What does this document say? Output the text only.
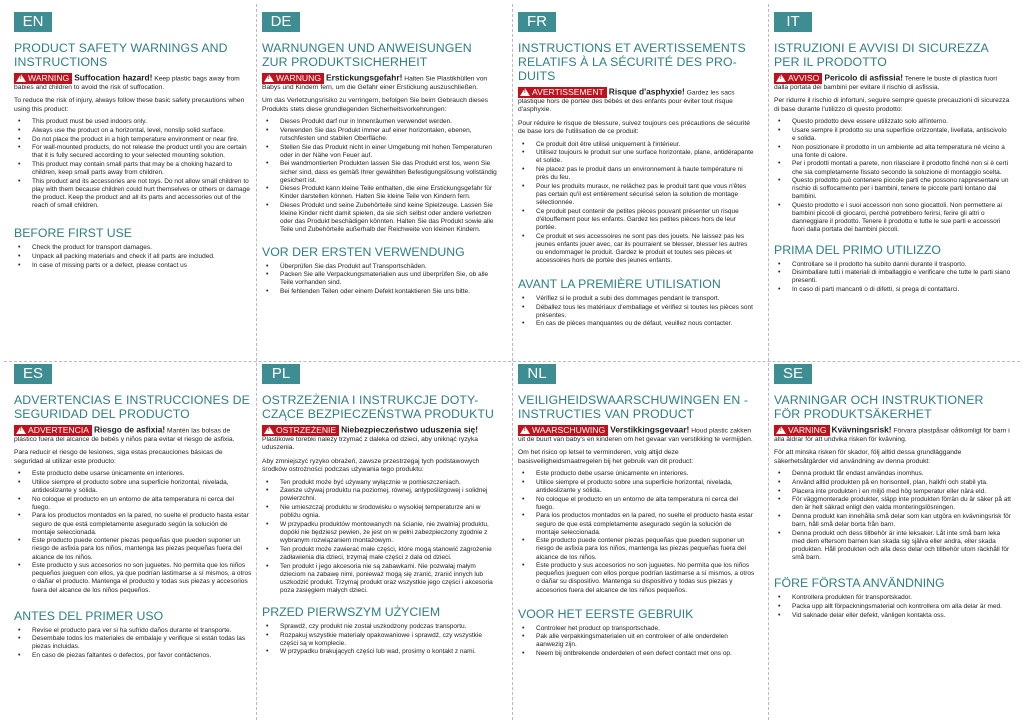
EN
PRODUCT SAFETY WARNINGS AND INSTRUCTIONS
!WARNING Suffocation hazard! Keep plastic bags away from babies and children to avoid the risk of suffocation.
To reduce the risk of injury, always follow these basic safety precautions when using this product:
• This product must be used indoors only.
• Always use the product on a horizontal, level, nonslip solid surface.
• Do not place the product in a high temperature environment or near fire.
• For wall-mounted products, do not release the product until you are certain that it is fully secured according to your selected mounting solution.
• This product may contain small parts that may be a choking hazard to children, keep small parts away from children.
• This product and its accessories are not toys. Do not allow small children to play with them because children could hurt themselves or others or damage the product. Keep the product and all its parts and accessories out of the reach of small children.
BEFORE FIRST USE
• Check the product for transport damages.
• Unpack all packing materials and check if all parts are included.
• In case of missing parts or a defect, please contact us
DE
WARNUNGEN UND ANWEISUNGEN ZUR PRODUKTSICHERHEIT
!WARNUNG Erstickungsgefahr! Halten Sie Plastikhüllen von Babys und Kindern fern, um die Gefahr einer Erstickung auszuschließen.
Um das Verletzungsrisiko zu verringern, befolgen Sie beim Gebrauch dieses Produkts stets diese grundlegenden Sicherheitsvorkehrungen:
• Dieses Produkt darf nur in Innenräumen verwendet werden.
• Verwenden Sie das Produkt immer auf einer horizontalen, ebenen, rutschfesten und stabilen Oberfläche.
• Stellen Sie das Produkt nicht in einer Umgebung mit hohen Temperaturen oder in der Nähe von Feuer auf.
• Bei wandmontierten Produkten lassen Sie das Produkt erst los, wenn Sie sicher sind, dass es gemäß Ihrer gewählten Befestigungslösung vollständig gesichert ist.
• Dieses Produkt kann kleine Teile enthalten, die eine Erstickungsgefahr für Kinder darstellen können. Halten Sie kleine Teile von Kindern fern.
• Dieses Produkt und seine Zubehörteile sind keine Spielzeuge. Lassen Sie kleine Kinder nicht damit spielen, da sie sich selbst oder andere verletzen oder das Produkt beschädigen könnten. Halten Sie das Produkt sowie alle Teile und Zubehörteile außerhalb der Reichweite von kleinen Kindern.
VOR DER ERSTEN VERWENDUNG
• Überprüfen Sie das Produkt auf Transportschäden.
• Packen Sie alle Verpackungsmaterialien aus und überprüfen Sie, ob alle Teile vorhanden sind.
• Bei fehlenden Teilen oder einem Defekt kontaktieren Sie uns bitte.
FR
INSTRUCTIONS ET AVERTISSEMENTS RELATIFS À LA SÉCURITÉ DES PRO-DUITS
!AVERTISSEMENT Risque d'asphyxie! Gardez les sacs plastique hors de portée des bébés et des enfants pour éviter tout risque d'asphyxie.
Pour réduire le risque de blessure, suivez toujours ces précautions de sécurité de base lors de l'utilisation de ce produit:
• Ce produit doit être utilisé uniquement à l'intérieur.
• Utilisez toujours le produit sur une surface horizontale, plane, antidérapante et solide.
• Ne placez pas le produit dans un environnement à haute température ni près du feu.
• Pour les produits muraux, ne relâchez pas le produit tant que vous n'êtes pas certain qu'il est entièrement sécurisé selon la solution de montage sélectionnée.
• Ce produit peut contenir de petites pièces pouvant présenter un risque d'étouffement pour les enfants. Gardez les petites pièces hors de leur portée.
• Ce produit et ses accessoires ne sont pas des jouets. Ne laissez pas les jeunes enfants jouer avec, car ils pourraient se blesser, blesser les autres ou endommager le produit. Gardez le produit et toutes ses pièces et accessoires hors de portée des jeunes enfants.
AVANT LA PREMIÈRE UTILISATION
• Vérifiez si le produit a subi des dommages pendant le transport.
• Déballez tous les matériaux d'emballage et vérifiez si toutes les pièces sont présentes.
• En cas de pièces manquantes ou de défaut, veuillez nous contacter.
IT
ISTRUZIONI E AVVISI DI SICUREZZA PER IL PRODOTTO
!AVVISO Pericolo di asfissia! Tenere le buste di plastica fuori dalla portata dei bambini per evitare il rischio di asfissia.
Per ridurre il rischio di infortuni, seguire sempre queste precauzioni di sicurezza di base durante l'utilizzo di questo prodotto:
• Questo prodotto deve essere utilizzato solo all'interno.
• Usare sempre il prodotto su una superficie orizzontale, livellata, antiscivolo e solida.
• Non posizionare il prodotto in un ambiente ad alta temperatura né vicino a una fonte di calore.
• Per i prodotti montati a parete, non rilasciare il prodotto finché non si è certi che sia completamente fissato secondo la soluzione di montaggio scelta.
• Questo prodotto può contenere piccole parti che possono rappresentare un rischio di soffocamento per i bambini, tenere le piccole parti lontano dai bambini.
• Questo prodotto e i suoi accessori non sono giocattoli. Non permettere ai bambini piccoli di giocarci, perché potrebbero ferirsi, ferire gli altri o danneggiare il prodotto. Tenere il prodotto e tutte le sue parti e accessori fuori dalla portata dei bambini piccoli.
PRIMA DEL PRIMO UTILIZZO
• Controllare se il prodotto ha subito danni durante il trasporto.
• Disimballare tutti i materiali di imballaggio e verificare che tutte le parti siano presenti.
• In caso di parti mancanti o di difetti, si prega di contattarci.
ES
ADVERTENCIAS E INSTRUCCIONES DE SEGURIDAD DEL PRODUCTO
!ADVERTENCIA Riesgo de asfixia! Mantén las bolsas de plástico fuera del alcance de bebés y niños para evitar el riesgo de asfixia.
Para reducir el riesgo de lesiones, siga estas precauciones básicas de seguridad al utilizar este producto:
• Este producto debe usarse únicamente en interiores.
• Utilice siempre el producto sobre una superficie horizontal, nivelada, antideslizante y sólida.
• No coloque el producto en un entorno de alta temperatura ni cerca del fuego.
• Para los productos montados en la pared, no suelte el producto hasta estar seguro de que está completamente asegurado según la solución de montaje seleccionada.
• Este producto puede contener piezas pequeñas que pueden suponer un riesgo de asfixia para los niños, mantenga las piezas pequeñas fuera del alcance de los niños.
• Este producto y sus accesorios no son juguetes. No permita que los niños pequeños jueguen con ellos, ya que podrían lastimarse a sí mismos, a otros o dañar el producto. Mantenga el producto y todas sus piezas y accesorios fuera del alcance de los niños pequeños.
ANTES DEL PRIMER USO
• Revise el producto para ver si ha sufrido daños durante el transporte.
• Desembale todos los materiales de embalaje y verifique si están todas las piezas incluidas.
• En caso de piezas faltantes o defectos, por favor contáctenos.
PL
OSTRZEŻENIA I INSTRUKCJE DOTY-CZĄCE BEZPIECZEŃSTWA PRODUKTU
!OSTRZEŻENIE Niebezpieczeństwo uduszenia się! Plastikowe torebki należy trzymać z daleka od dzieci, aby uniknąć ryzyka uduszenia.
Aby zmniejszyć ryzyko obrażeń, zawsze przestrzegaj tych podstawowych środków ostrożności podczas używania tego produktu:
• Ten produkt może być używany wyłącznie w pomieszczeniach.
• Zawsze używaj produktu na poziomej, równej, antypoślizgowej i solidnej powierzchni.
• Nie umieszczaj produktu w środowisku o wysokiej temperaturze ani w pobliżu ognia.
• W przypadku produktów montowanych na ścianie, nie zwalniaj produktu, dopóki nie będziesz pewien, że jest on w pełni zabezpieczony zgodnie z wybranym rozwiązaniem montażowym.
• Ten produkt może zawierać małe części, które mogą stanowić zagrożenie zadławienia dla dzieci, trzymaj małe części z dala od dzieci.
• Ten produkt i jego akcesoria nie są zabawkami. Nie pozwalaj małym dzieciom na zabawę nimi, ponieważ mogą się zranić, zranić innych lub uszkodzić produkt. Trzymaj produkt oraz wszystkie jego części i akcesoria poza zasięgiem małych dzieci.
PRZED PIERWSZYM UŻYCIEM
• Sprawdź, czy produkt nie został uszkodzony podczas transportu.
• Rozpakuj wszystkie materiały opakowaniowe i sprawdź, czy wszystkie części są w komplecie.
• W przypadku brakujących części lub wad, prosimy o kontakt z nami.
NL
VEILIGHEIDSWAARSCHUWINGEN EN -INSTRUCTIES VAN PRODUCT
!WAARSCHUWING Verstikkingsgevaar! Houd plastic zakken uit de buurt van baby's en kinderen om het gevaar van verstikking te vermijden.
Om het risico op letsel te verminderen, volg altijd deze basisveiligheidsmaatregelen bij het gebruik van dit product:
• Este producto debe usarse únicamente en interiores.
• Utilice siempre el producto sobre una superficie horizontal, nivelada, antideslizante y sólida.
• No coloque el producto en un entorno de alta temperatura ni cerca del fuego.
• Para los productos montados en la pared, no suelte el producto hasta estar seguro de que está completamente asegurado según la solución de montaje seleccionada.
• Este producto puede contener piezas pequeñas que pueden suponer un riesgo de asfixia para los niños, mantenga las piezas pequeñas fuera del alcance de los niños.
• Este producto y sus accesorios no son juguetes. No permita que los niños pequeños jueguen con ellos porque podrían lastimarse a sí mismos, a otros o dañar su dispositivo. Mantenga su dispositivo y todas sus piezas y accesorios fuera del alcance de los niños pequeños.
VOOR HET EERSTE GEBRUIK
• Controleer het product op transportschade.
• Pak alle verpakkingsmaterialen uit en controleer of alle onderdelen aanwezig zijn.
• Neem bij ontbrekende onderdelen of een defect contact met ons op.
SE
VARNINGAR OCH INSTRUKTIONER FÖR PRODUKTSÄKERHET
!VARNING Kvävningsrisk! Förvara plastpåsar oåtkomligt för barn i alla åldrar för att undvika risken för kvävning.
För att minska risken för skador, följ alltid dessa grundläggande säkerhetsåtgärder vid användning av denna produkt:
• Denna produkt får endast användas inomhus.
• Använd alltid produkten på en horisontell, plan, halkfri och stabil yta.
• Placera inte produkten i en miljö med hög temperatur eller nära eld.
• För väggmonterade produkter, släpp inte produkten förrän du är säker på att den är helt säkrad enligt den valda monteringslösningen.
• Denna produkt kan innehålla små delar som kan utgöra en kvävningsrisk för barn, håll små delar borta från barn.
• Denna produkt och dess tillbehör är inte leksaker. Låt inte små barn leka med dem eftersom barnen kan skada sig själva eller andra, eller skada produkten. Håll produkten och alla dess delar och tillbehör utom räckhåll för små barn.
FÖRE FÖRSTA ANVÄNDNING
• Kontrollera produkten för transportskador.
• Packa upp allt förpackningsmaterial och kontrollera om alla delar är med.
• Vid saknade delar eller defekt, vänligen kontakta oss.
